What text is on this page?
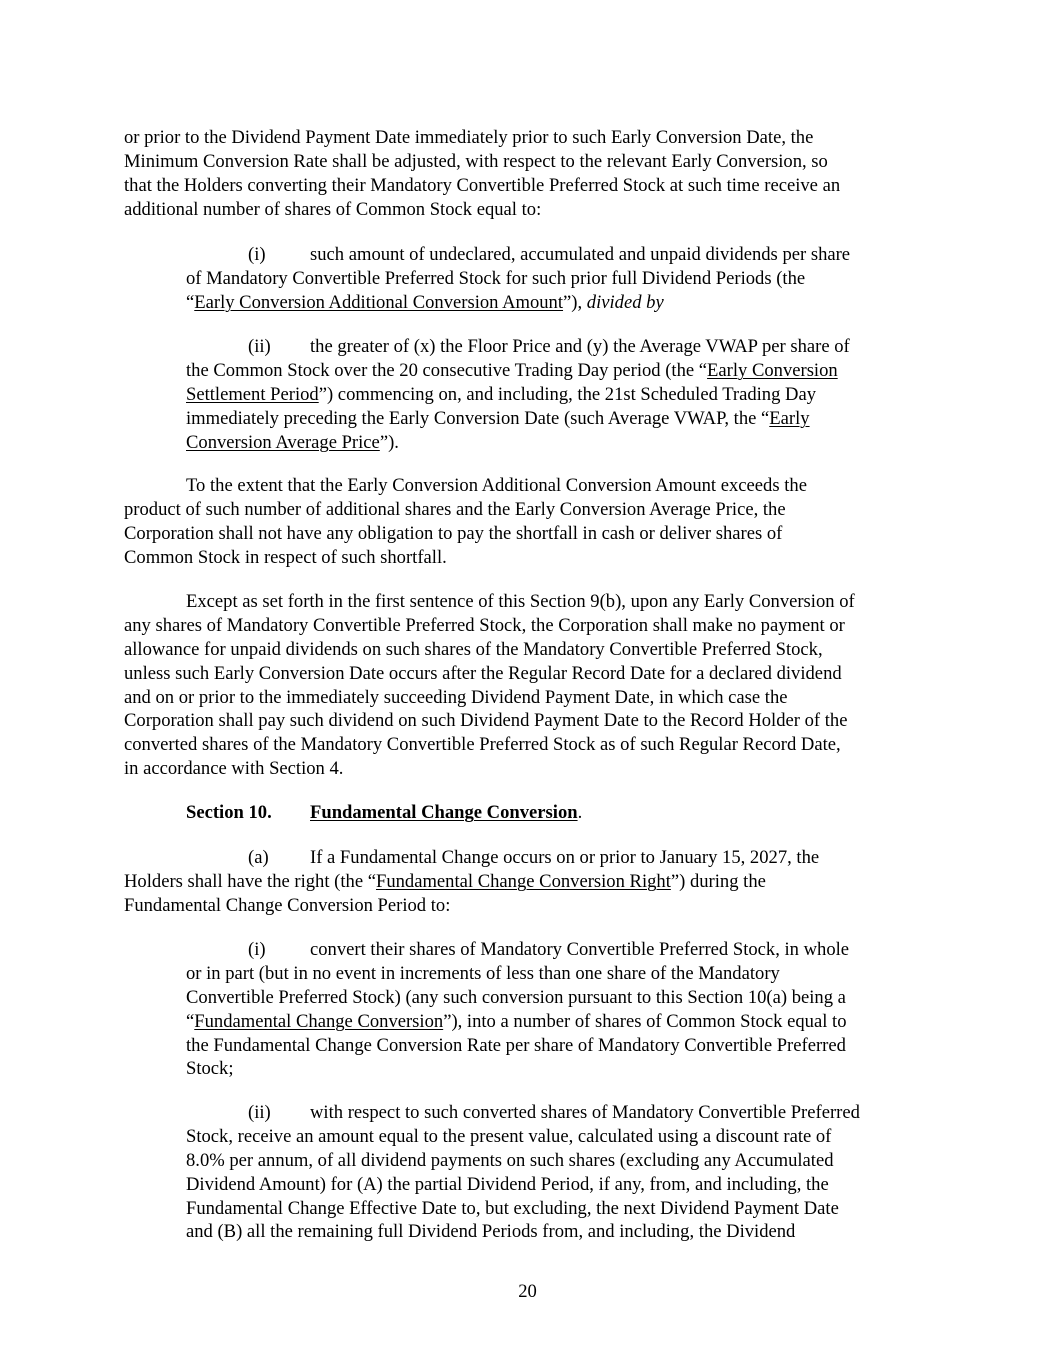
or prior to the Dividend Payment Date immediately prior to such Early Conversion Date, the
Minimum Conversion Rate shall be adjusted, with respect to the relevant Early Conversion, so
that the Holders converting their Mandatory Convertible Preferred Stock at such time receive an
additional number of shares of Common Stock equal to:
(i) such amount of undeclared, accumulated and unpaid dividends per share
of Mandatory Convertible Preferred Stock for such prior full Dividend Periods (the
“Early Conversion Additional Conversion Amount”), divided by
(ii) the greater of (x) the Floor Price and (y) the Average VWAP per share of
the Common Stock over the 20 consecutive Trading Day period (the “Early Conversion
Settlement Period”) commencing on, and including, the 21st Scheduled Trading Day
immediately preceding the Early Conversion Date (such Average VWAP, the “Early
Conversion Average Price”).
To the extent that the Early Conversion Additional Conversion Amount exceeds the
product of such number of additional shares and the Early Conversion Average Price, the
Corporation shall not have any obligation to pay the shortfall in cash or deliver shares of
Common Stock in respect of such shortfall.
Except as set forth in the first sentence of this Section 9(b), upon any Early Conversion of
any shares of Mandatory Convertible Preferred Stock, the Corporation shall make no payment or
allowance for unpaid dividends on such shares of the Mandatory Convertible Preferred Stock,
unless such Early Conversion Date occurs after the Regular Record Date for a declared dividend
and on or prior to the immediately succeeding Dividend Payment Date, in which case the
Corporation shall pay such dividend on such Dividend Payment Date to the Record Holder of the
converted shares of the Mandatory Convertible Preferred Stock as of such Regular Record Date,
in accordance with Section 4.
Section 10. Fundamental Change Conversion.
(a) If a Fundamental Change occurs on or prior to January 15, 2027, the
Holders shall have the right (the “Fundamental Change Conversion Right”) during the
Fundamental Change Conversion Period to:
(i) convert their shares of Mandatory Convertible Preferred Stock, in whole
or in part (but in no event in increments of less than one share of the Mandatory
Convertible Preferred Stock) (any such conversion pursuant to this Section 10(a) being a
“Fundamental Change Conversion”), into a number of shares of Common Stock equal to
the Fundamental Change Conversion Rate per share of Mandatory Convertible Preferred
Stock;
(ii) with respect to such converted shares of Mandatory Convertible Preferred
Stock, receive an amount equal to the present value, calculated using a discount rate of
8.0% per annum, of all dividend payments on such shares (excluding any Accumulated
Dividend Amount) for (A) the partial Dividend Period, if any, from, and including, the
Fundamental Change Effective Date to, but excluding, the next Dividend Payment Date
and (B) all the remaining full Dividend Periods from, and including, the Dividend
20
